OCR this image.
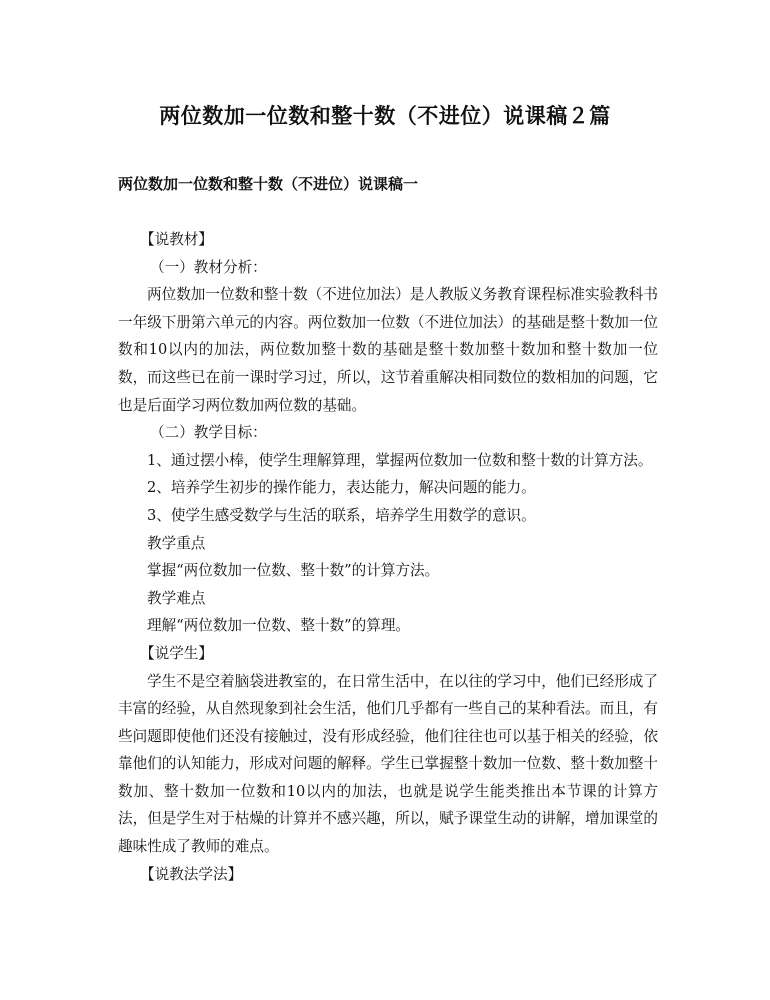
两位数加一位数和整十数（不进位）说课稿２篇
两位数加一位数和整十数（不进位）说课稿一

【说教材】

（一）教材分析：

两位数加一位数和整十数（不进位加法）是人教版义务教育课程标准实验教科书一年级下册第六单元的内容。两位数加一位数（不进位加法）的基础是整十数加一位数和10以内的加法，两位数加整十数的基础是整十数加整十数加和整十数加一位数，而这些已在前一课时学习过，所以，这节着重解决相同数位的数相加的问题，它也是后面学习两位数加两位数的基础。

（二）教学目标：

1、通过摆小棒，使学生理解算理，掌握两位数加一位数和整十数的计算方法。

2、培养学生初步的操作能力，表达能力，解决问题的能力。

3、使学生感受数学与生活的联系，培养学生用数学的意识。

教学重点

掌握“两位数加一位数、整十数”的计算方法。

教学难点

理解“两位数加一位数、整十数”的算理。

【说学生】

学生不是空着脑袋进教室的，在日常生活中，在以往的学习中，他们已经形成了丰富的经验，从自然现象到社会生活，他们几乎都有一些自己的某种看法。而且，有些问题即使他们还没有接触过，没有形成经验，他们往往也可以基于相关的经验，依靠他们的认知能力，形成对问题的解释。学生已掌握整十数加一位数、整十数加整十数加、整十数加一位数和10以内的加法，也就是说学生能类推出本节课的计算方法，但是学生对于枯燥的计算并不感兴趣，所以，赋予课堂生动的讲解，增加课堂的趣味性成了教师的难点。

【说教法学法】
